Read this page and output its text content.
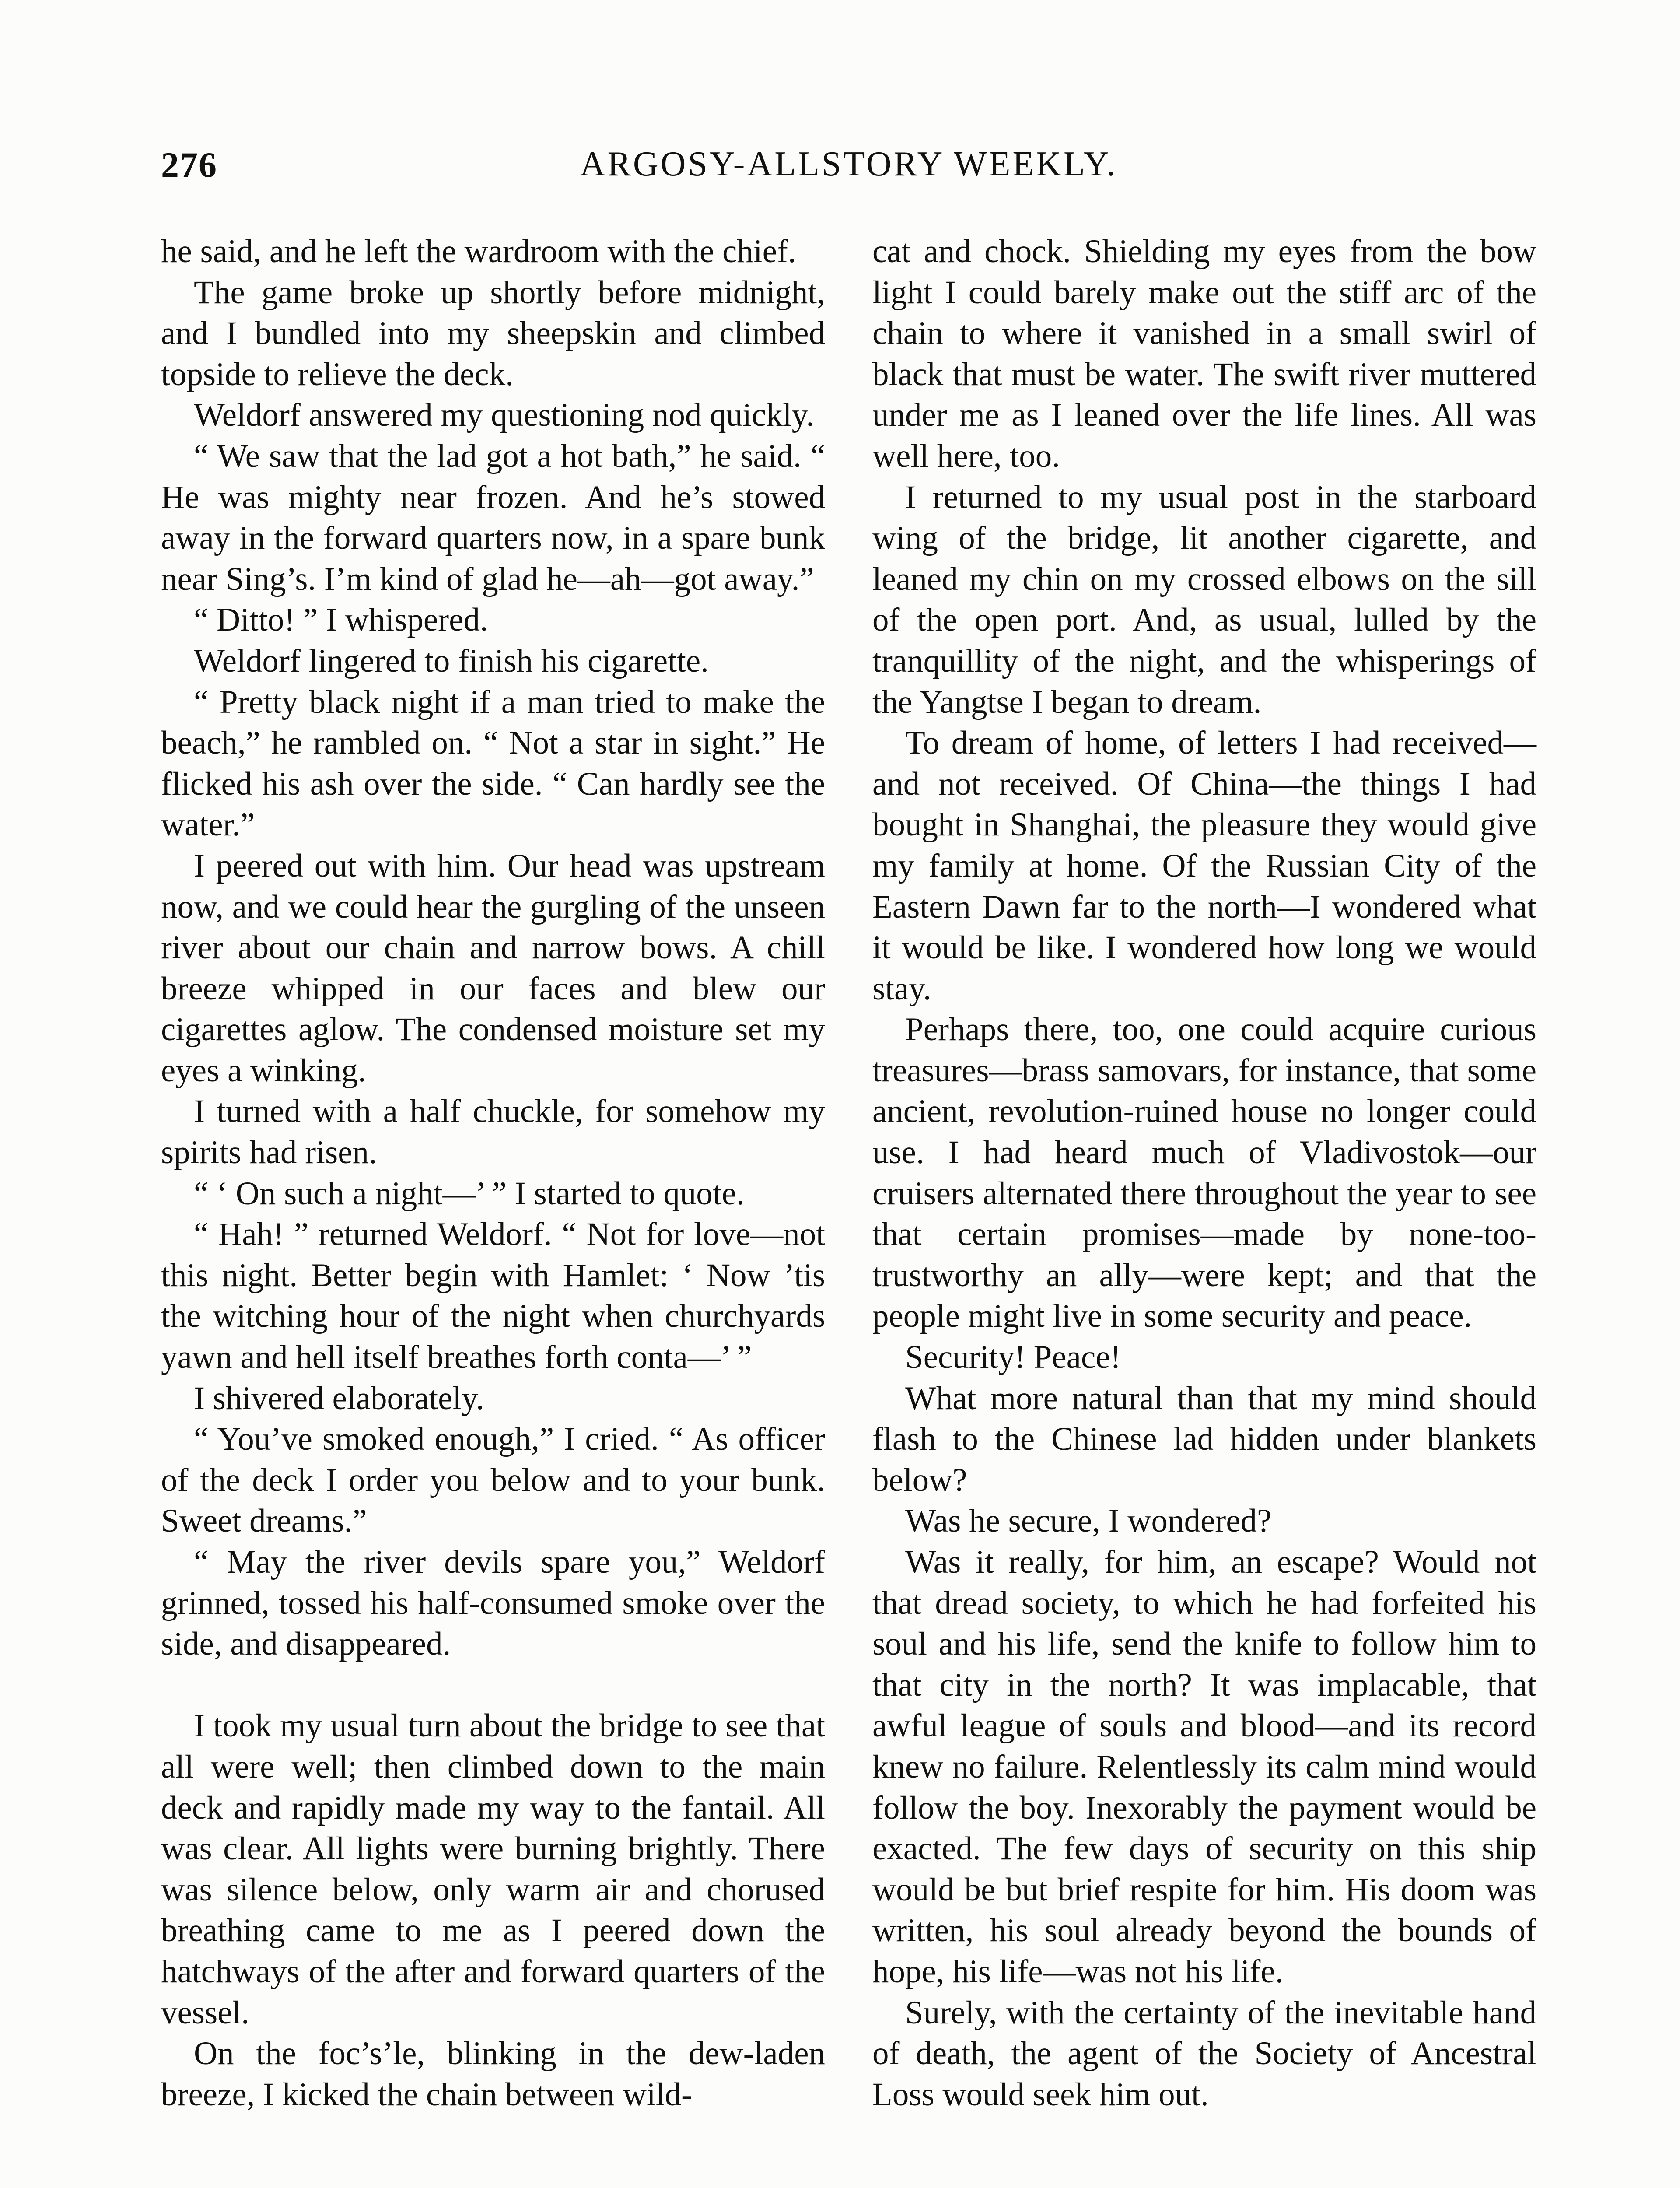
276	ARGOSY-ALLSTORY WEEKLY.

he said, and he left the wardroom with the chief.

The game broke up shortly before midnight, and I bundled into my sheepskin and climbed topside to relieve the deck.

Weldorf answered my questioning nod quickly.

“ We saw that the lad got a hot bath,” he said. “ He was mighty near frozen. And he’s stowed away in the forward quarters now, in a spare bunk near Sing’s. I’m kind of glad he—ah—got away.”

“ Ditto! ” I whispered.

Weldorf lingered to finish his cigarette.

“ Pretty black night if a man tried to make the beach,” he rambled on. “ Not a star in sight.” He flicked his ash over the side. “ Can hardly see the water.”

I peered out with him. Our head was upstream now, and we could hear the gurgling of the unseen river about our chain and narrow bows. A chill breeze whipped in our faces and blew our cigarettes aglow. The condensed moisture set my eyes a winking.

I turned with a half chuckle, for somehow my spirits had risen.

“ ‘ On such a night—’ ” I started to quote.

“ Hah! ” returned Weldorf. “ Not for love—not this night. Better begin with Hamlet: ‘ Now ’tis the witching hour of the night when churchyards yawn and hell itself breathes forth conta—’ ”

I shivered elaborately.

“ You’ve smoked enough,” I cried. “ As officer of the deck I order you below and to your bunk. Sweet dreams.”

“ May the river devils spare you,” Weldorf grinned, tossed his half-consumed smoke over the side, and disappeared.

I took my usual turn about the bridge to see that all were well; then climbed down to the main deck and rapidly made my way to the fantail. All was clear. All lights were burning brightly. There was silence below, only warm air and chorused breathing came to me as I peered down the hatchways of the after and forward quarters of the vessel.

On the foc’s’le, blinking in the dew-laden breeze, I kicked the chain between wild-

cat and chock. Shielding my eyes from the bow light I could barely make out the stiff arc of the chain to where it vanished in a small swirl of black that must be water. The swift river muttered under me as I leaned over the life lines. All was well here, too.

I returned to my usual post in the starboard wing of the bridge, lit another cigarette, and leaned my chin on my crossed elbows on the sill of the open port. And, as usual, lulled by the tranquillity of the night, and the whisperings of the Yangtse I began to dream.

To dream of home, of letters I had received—and not received. Of China—the things I had bought in Shanghai, the pleasure they would give my family at home. Of the Russian City of the Eastern Dawn far to the north—I wondered what it would be like. I wondered how long we would stay.

Perhaps there, too, one could acquire curious treasures—brass samovars, for instance, that some ancient, revolution-ruined house no longer could use. I had heard much of Vladivostok—our cruisers alternated there throughout the year to see that certain promises—made by none-too-trustworthy an ally—were kept; and that the people might live in some security and peace.

Security! Peace!

What more natural than that my mind should flash to the Chinese lad hidden under blankets below?

Was he secure, I wondered?

Was it really, for him, an escape? Would not that dread society, to which he had forfeited his soul and his life, send the knife to follow him to that city in the north? It was implacable, that awful league of souls and blood—and its record knew no failure. Relentlessly its calm mind would follow the boy. Inexorably the payment would be exacted. The few days of security on this ship would be but brief respite for him. His doom was written, his soul already beyond the bounds of hope, his life—was not his life.

Surely, with the certainty of the inevitable hand of death, the agent of the Society of Ancestral Loss would seek him out.
